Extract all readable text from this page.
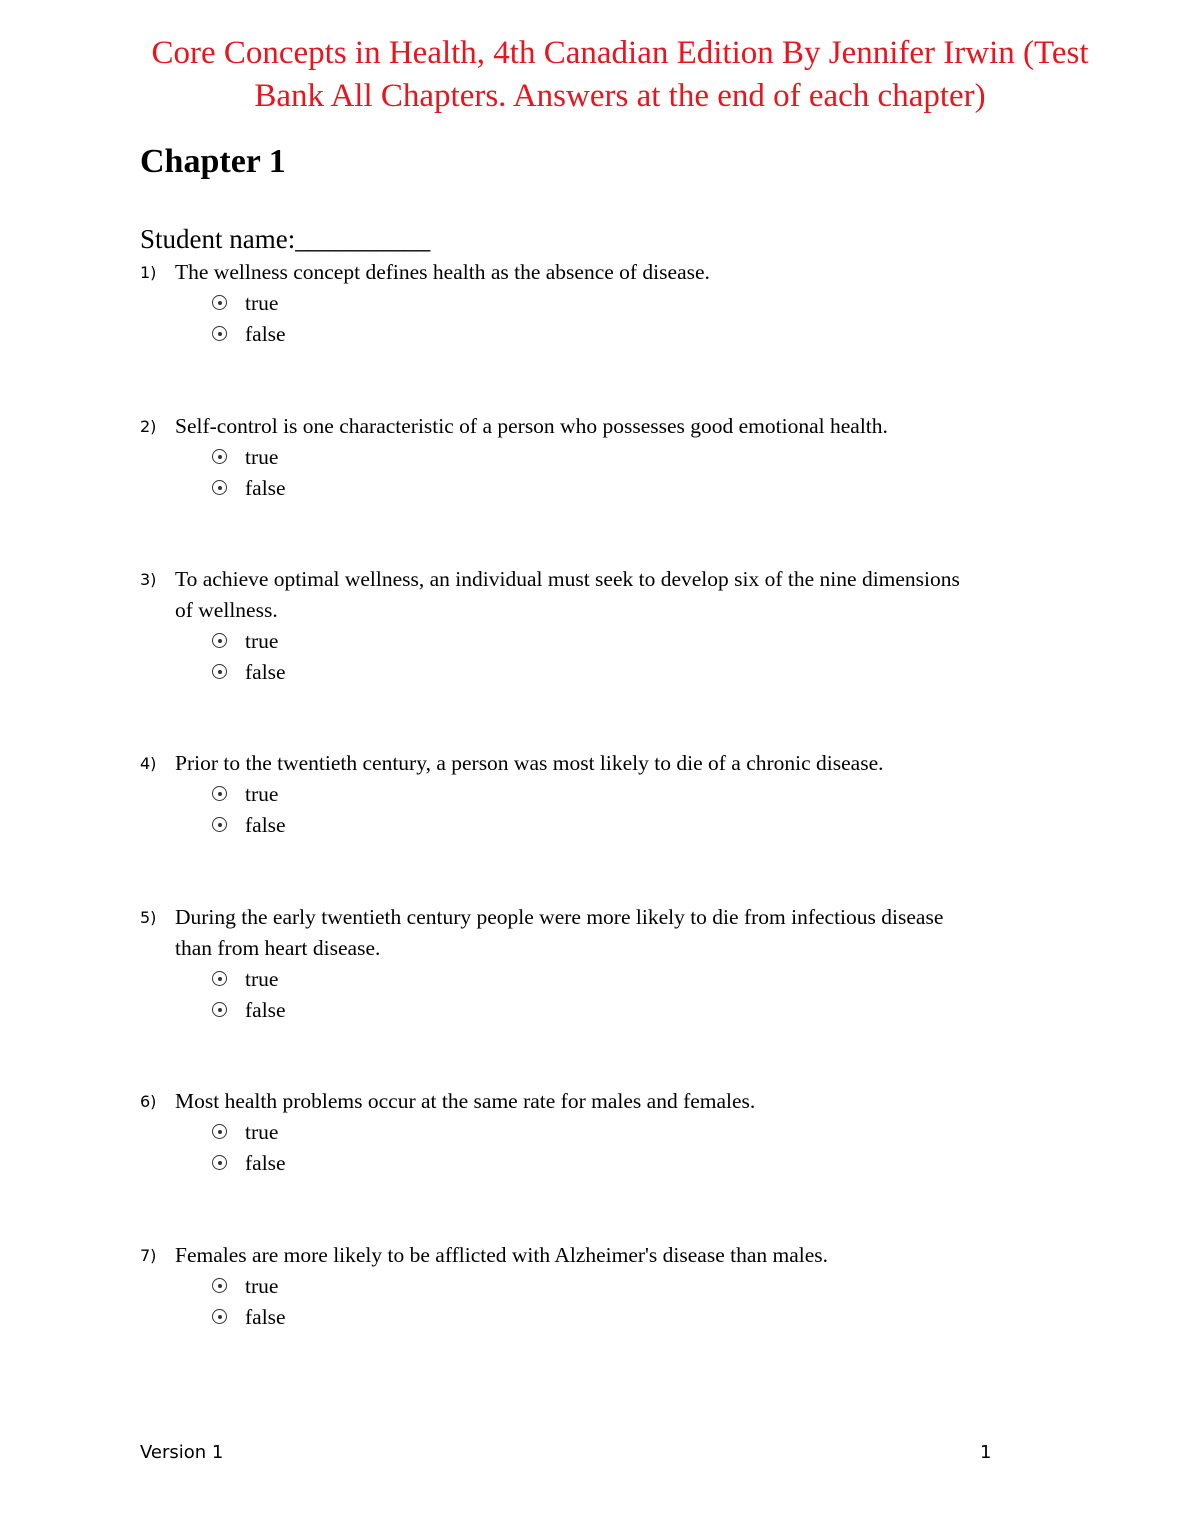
Core Concepts in Health, 4th Canadian Edition By Jennifer Irwin (Test
Bank All Chapters. Answers at the end of each chapter)
Chapter 1
Student name:__________
1) The wellness concept defines health as the absence of disease.
true
false
2) Self-control is one characteristic of a person who possesses good emotional health.
true
false
3) To achieve optimal wellness, an individual must seek to develop six of the nine dimensions
of wellness.
true
false
4) Prior to the twentieth century, a person was most likely to die of a chronic disease.
true
false
5) During the early twentieth century people were more likely to die from infectious disease
than from heart disease.
true
false
6) Most health problems occur at the same rate for males and females.
true
false
7) Females are more likely to be afflicted with Alzheimer's disease than males.
true
false
Version 1	1
